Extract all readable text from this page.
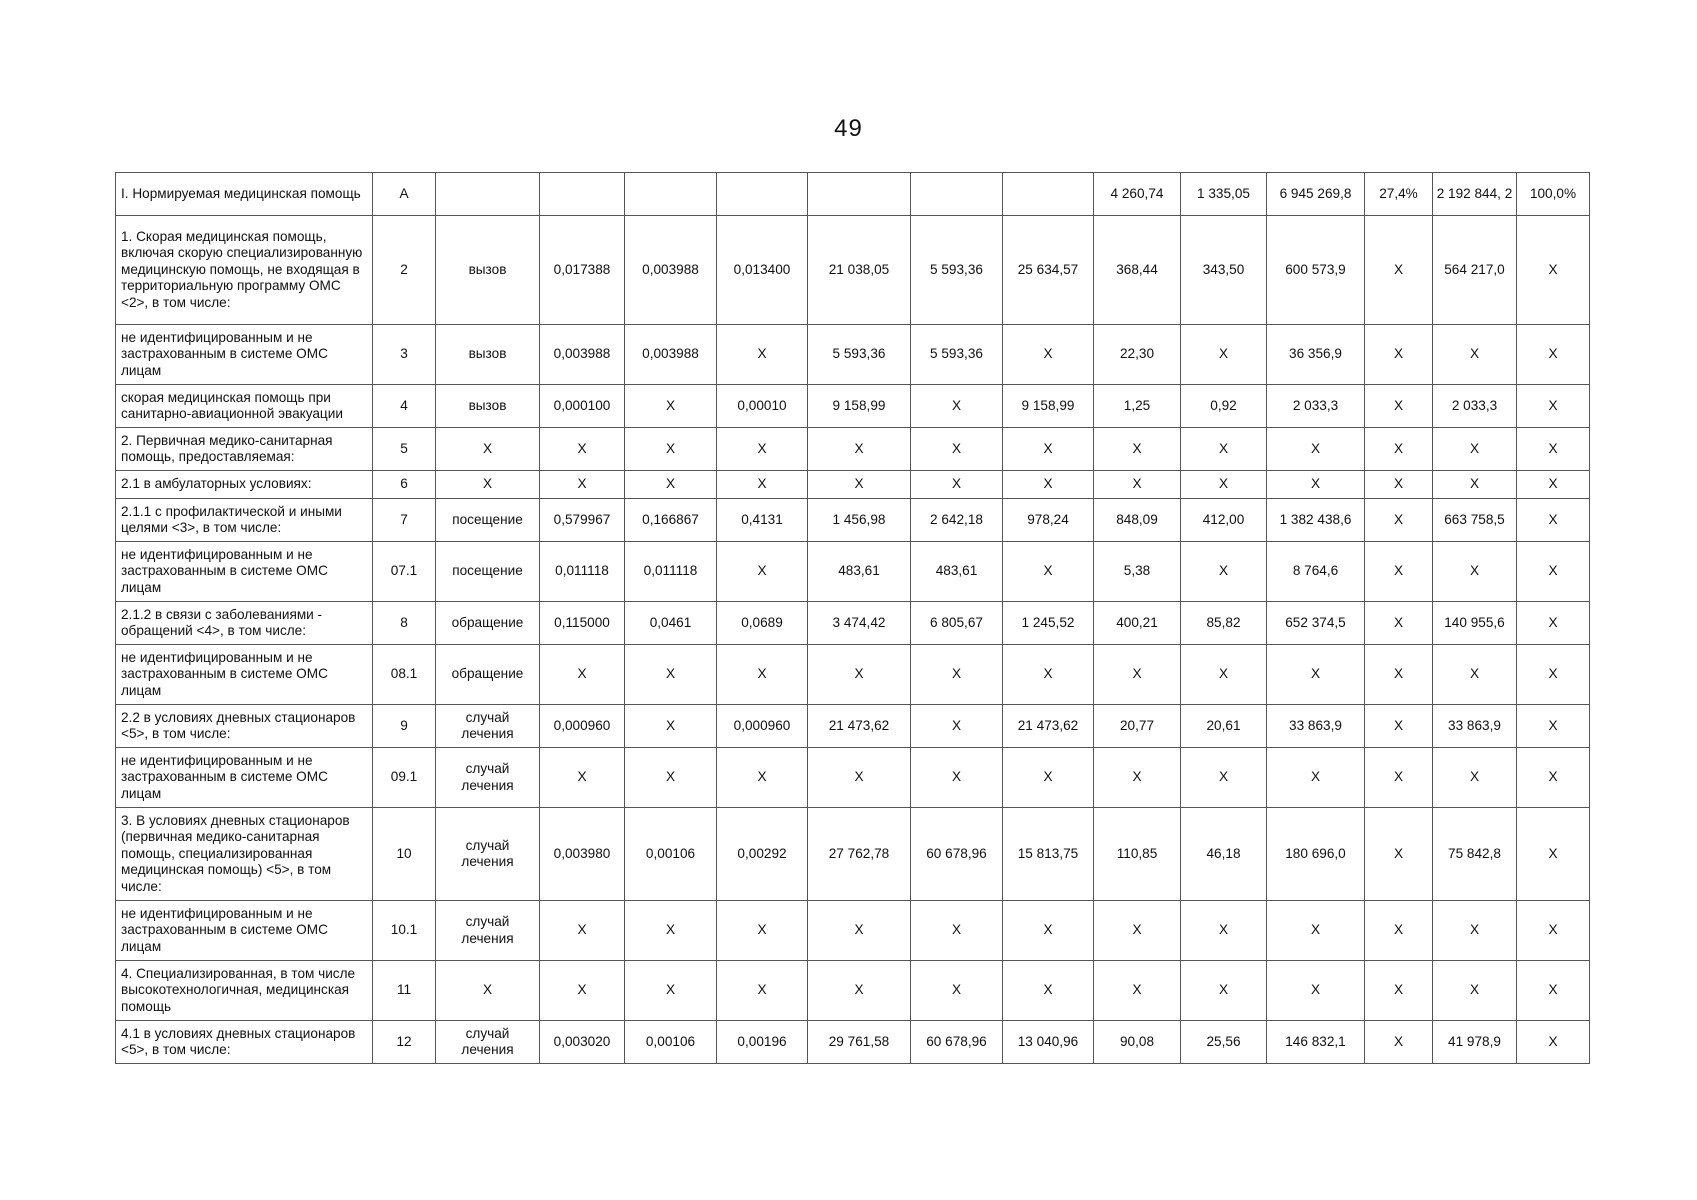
49
I. Нормируемая медицинская помощь	А								4 260,74	1 335,05	6 945 269,8	27,4%	2 192 844, 2	100,0%
1. Скорая медицинская помощь, включая скорую специализированную медицинскую помощь, не входящая в территориальную программу ОМС <2>, в том числе:	2	вызов	0,017388	0,003988	0,013400	21 038,05	5 593,36	25 634,57	368,44	343,50	600 573,9	X	564 217,0	X
не идентифицированным и не застрахованным в системе ОМС лицам	3	вызов	0,003988	0,003988	X	5 593,36	5 593,36	X	22,30	X	36 356,9	X	X	X
скорая медицинская помощь при санитарно-авиационной эвакуации	4	вызов	0,000100	X	0,00010	9 158,99	X	9 158,99	1,25	0,92	2 033,3	X	2 033,3	X
2. Первичная медико-санитарная помощь, предоставляемая:	5	X	X	X	X	X	X	X	X	X	X	X	X	X
2.1 в амбулаторных условиях:	6	X	X	X	X	X	X	X	X	X	X	X	X	X
2.1.1 с профилактической и иными целями <3>, в том числе:	7	посещение	0,579967	0,166867	0,4131	1 456,98	2 642,18	978,24	848,09	412,00	1 382 438,6	X	663 758,5	X
не идентифицированным и не застрахованным в системе ОМС лицам	07.1	посещение	0,011118	0,011118	X	483,61	483,61	X	5,38	X	8 764,6	X	X	X
2.1.2 в связи с заболеваниями - обращений <4>, в том числе:	8	обращение	0,115000	0,0461	0,0689	3 474,42	6 805,67	1 245,52	400,21	85,82	652 374,5	X	140 955,6	X
не идентифицированным и не застрахованным в системе ОМС лицам	08.1	обращение	X	X	X	X	X	X	X	X	X	X	X	X
2.2 в условиях дневных стационаров <5>, в том числе:	9	случай лечения	0,000960	X	0,000960	21 473,62	X	21 473,62	20,77	20,61	33 863,9	X	33 863,9	X
не идентифицированным и не застрахованным в системе ОМС лицам	09.1	случай лечения	X	X	X	X	X	X	X	X	X	X	X	X
3. В условиях дневных стационаров (первичная медико-санитарная помощь, специализированная медицинская помощь) <5>, в том числе:	10	случай лечения	0,003980	0,00106	0,00292	27 762,78	60 678,96	15 813,75	110,85	46,18	180 696,0	X	75 842,8	X
не идентифицированным и не застрахованным в системе ОМС лицам	10.1	случай лечения	X	X	X	X	X	X	X	X	X	X	X	X
4. Специализированная, в том числе высокотехнологичная, медицинская помощь	11	X	X	X	X	X	X	X	X	X	X	X	X	X
4.1 в условиях дневных стационаров <5>, в том числе:	12	случай лечения	0,003020	0,00106	0,00196	29 761,58	60 678,96	13 040,96	90,08	25,56	146 832,1	X	41 978,9	X
